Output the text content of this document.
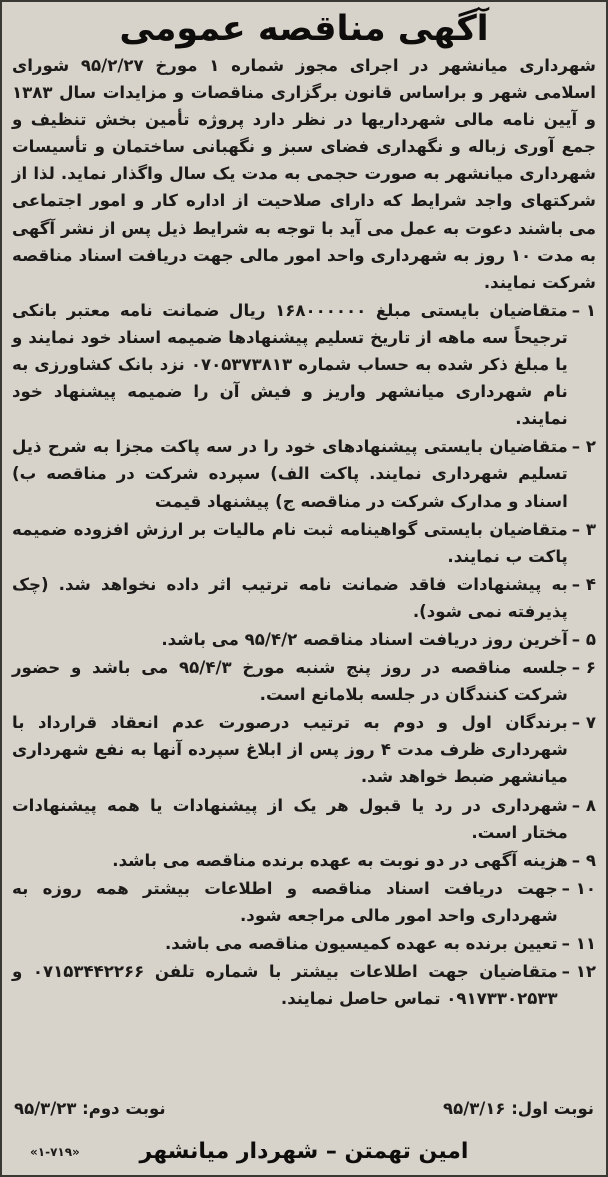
آگهی مناقصه عمومی

شهرداری میانشهر در اجرای مجوز شماره ۱ مورخ ۹۵/۲/۲۷ شورای اسلامی شهر و براساس قانون برگزاری مناقصات و مزایدات سال ۱۳۸۳ و آیین نامه مالی شهرداریها در نظر دارد پروژه تأمین بخش تنظیف و جمع آوری زباله و نگهداری فضای سبز و نگهبانی ساختمان و تأسیسات شهرداری میانشهر به صورت حجمی به مدت یک سال واگذار نماید. لذا از شرکتهای واجد شرایط که دارای صلاحیت از اداره کار و امور اجتماعی می باشند دعوت به عمل می آید با توجه به شرایط ذیل پس از نشر آگهی به مدت ۱۰ روز به شهرداری واحد امور مالی جهت دریافت اسناد مناقصه شرکت نمایند.

۱ –
متقاضیان بایستی مبلغ ۱۶۸۰۰۰۰۰۰ ریال ضمانت نامه معتبر بانکی ترجیحاً سه ماهه از تاریخ تسلیم پیشنهادها ضمیمه اسناد خود نمایند و یا مبلغ ذکر شده به حساب شماره ۰۷۰۵۳۷۳۸۱۳ نزد بانک کشاورزی به نام شهرداری میانشهر واریز و فیش آن را ضمیمه پیشنهاد خود نمایند.
۲ –
متقاضیان بایستی پیشنهادهای خود را در سه پاکت مجزا به شرح ذیل تسلیم شهرداری نمایند. پاکت الف) سپرده شرکت در مناقصه ب) اسناد و مدارک شرکت در مناقصه ج) پیشنهاد قیمت
۳ –
متقاضیان بایستی گواهینامه ثبت نام مالیات بر ارزش افزوده ضمیمه پاکت ب نمایند.
۴ –
به پیشنهادات فاقد ضمانت نامه ترتیب اثر داده نخواهد شد. (چک پذیرفته نمی شود).
۵ –
آخرین روز دریافت اسناد مناقصه ۹۵/۴/۲ می باشد.
۶ –
جلسه مناقصه در روز پنج شنبه مورخ ۹۵/۴/۳ می باشد و حضور شرکت کنندگان در جلسه بلامانع است.
۷ –
برندگان اول و دوم به ترتیب درصورت عدم انعقاد قرارداد با شهرداری ظرف مدت ۴ روز پس از ابلاغ سپرده آنها به نفع شهرداری میانشهر ضبط خواهد شد.
۸ –
شهرداری در رد یا قبول هر یک از پیشنهادات یا همه پیشنهادات مختار است.
۹ –
هزینه آگهی در دو نوبت به عهده برنده مناقصه می باشد.
۱۰ –
جهت دریافت اسناد مناقصه و اطلاعات بیشتر همه روزه به شهرداری واحد امور مالی مراجعه شود.
۱۱ –
تعیین برنده به عهده کمیسیون مناقصه می باشد.
۱۲ –
متقاضیان جهت اطلاعات بیشتر با شماره تلفن ۰۷۱۵۳۴۴۲۲۶۶ و ۰۹۱۷۳۳۰۲۵۳۳ تماس حاصل نمایند.
نوبت اول: ۹۵/۳/۱۶
نوبت دوم: ۹۵/۳/۲۳
امین تهمتن – شهردار میانشهر
«۱-۷۱۹»
